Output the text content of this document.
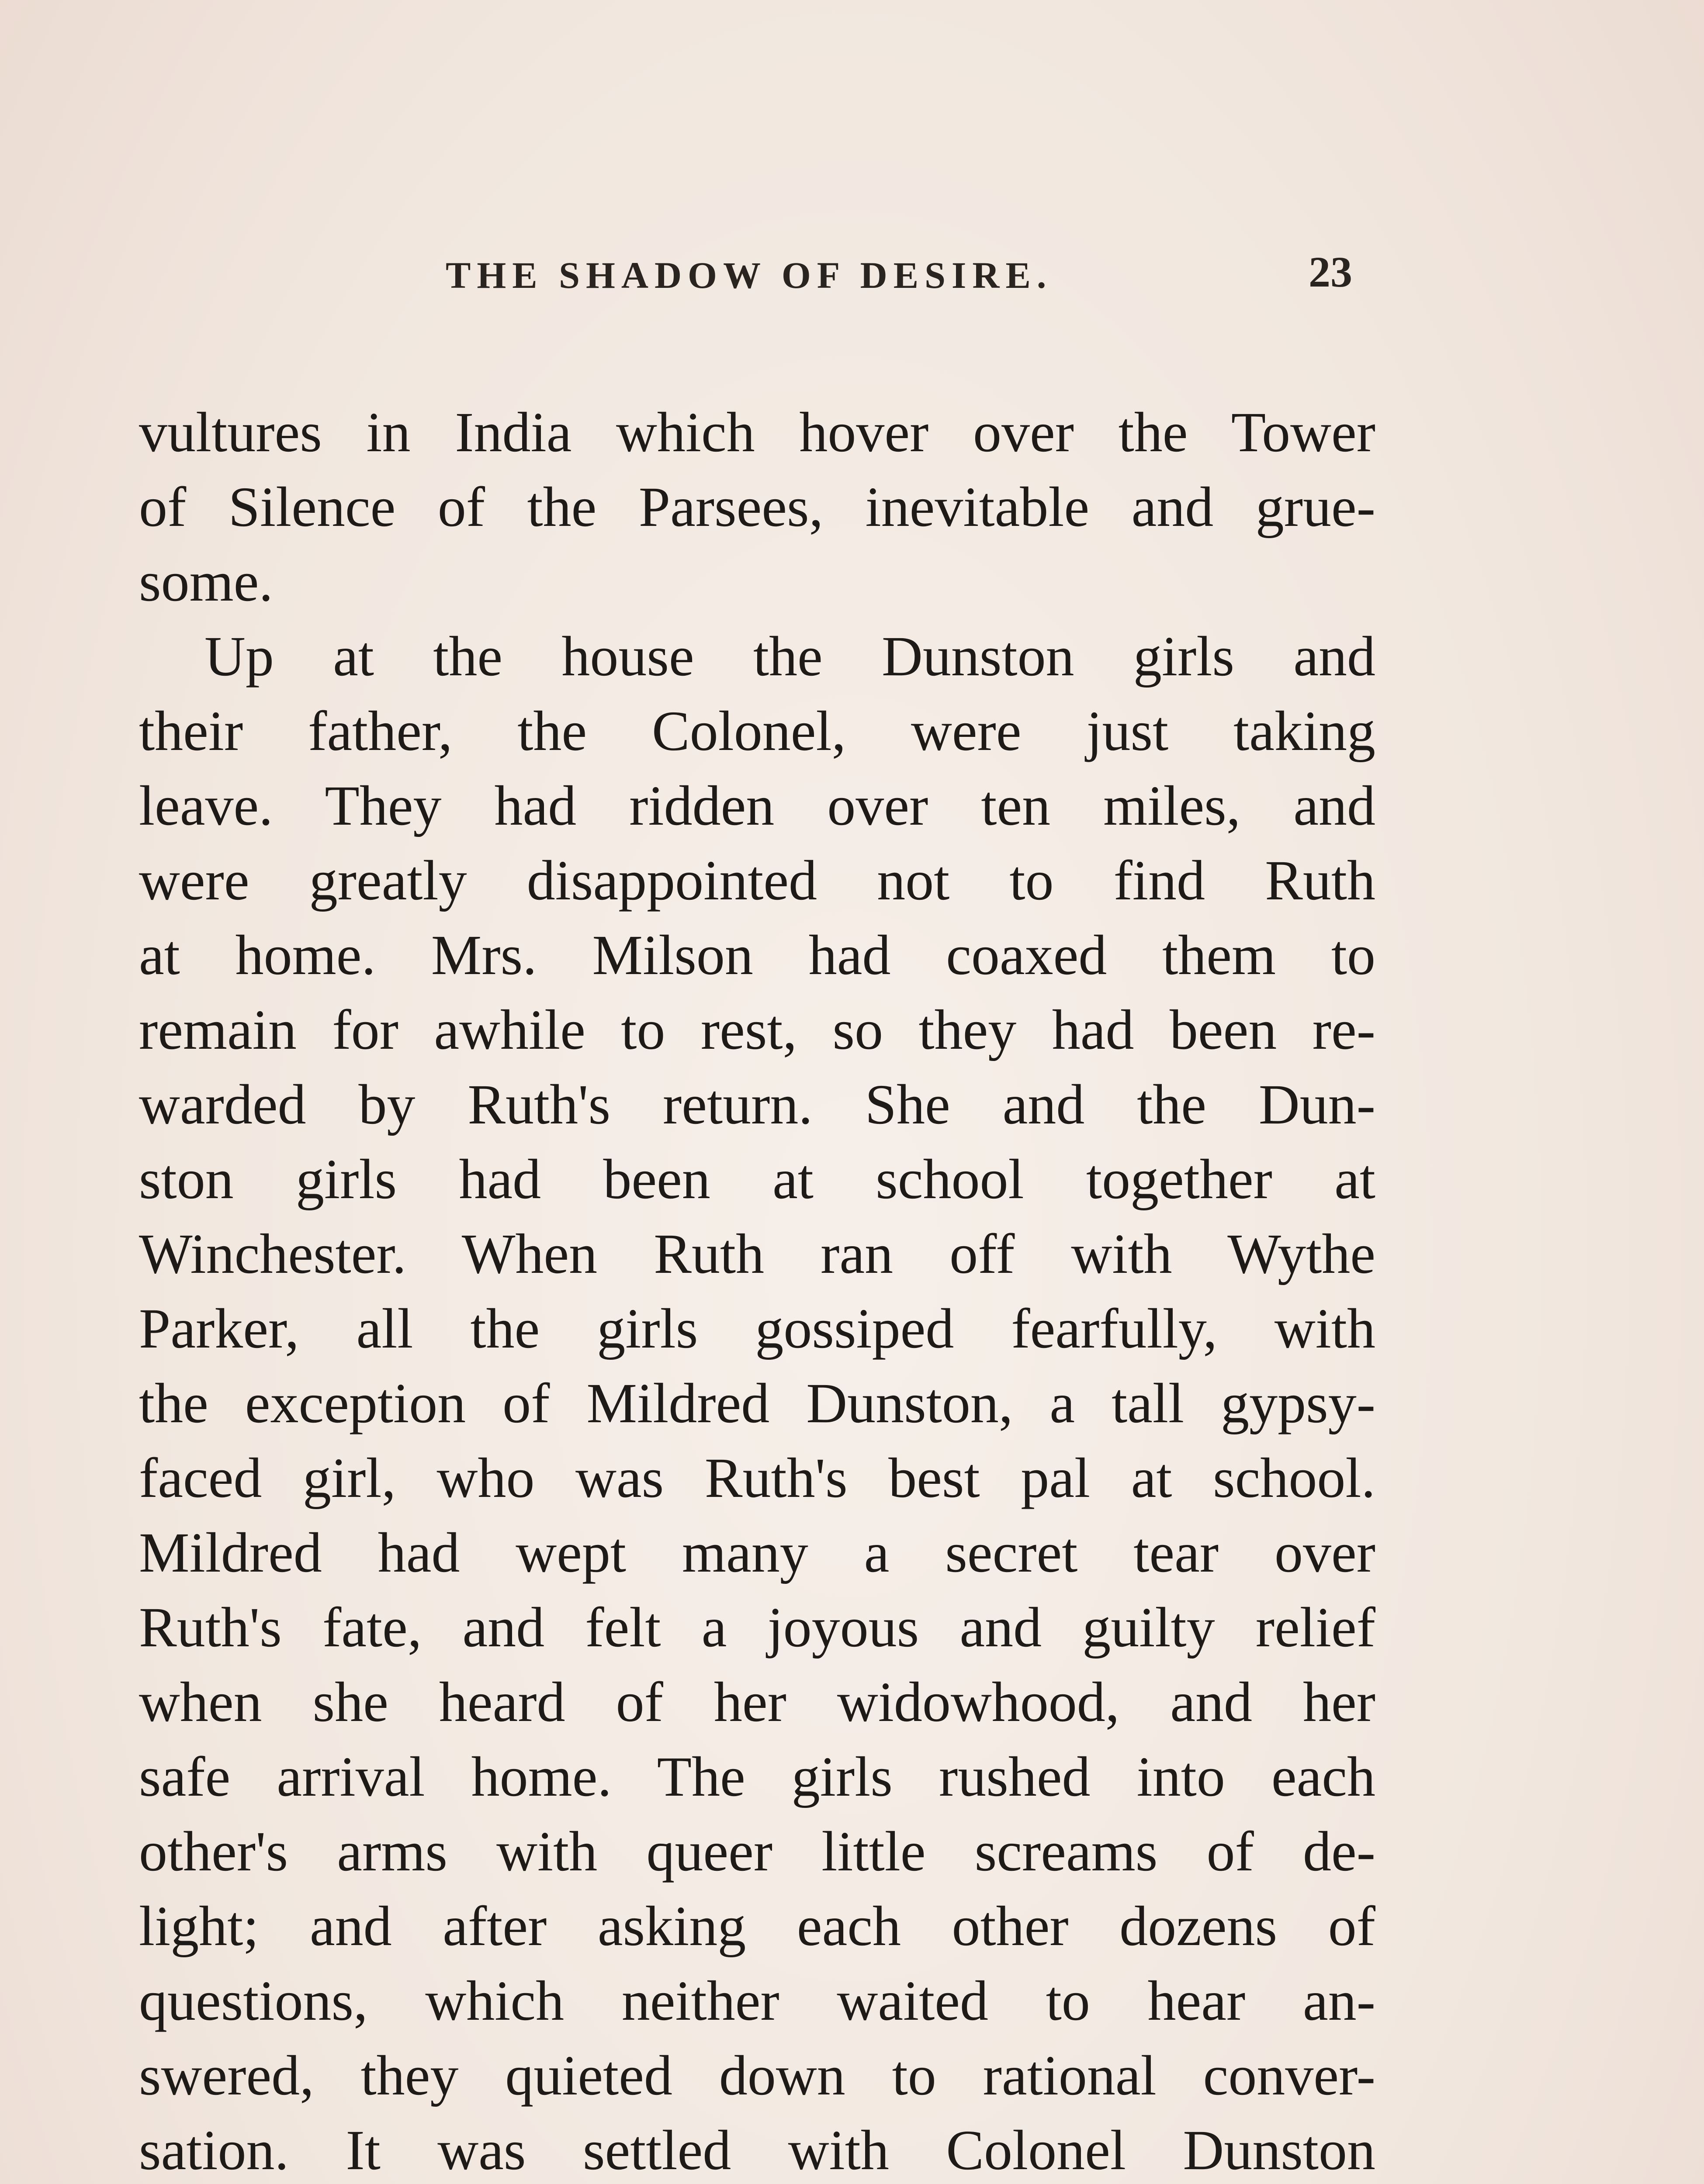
THE SHADOW OF DESIRE.	23
vultures in India which hover over the Tower
of Silence of the Parsees, inevitable and grue-
some.
Up at the house the Dunston girls and
their father, the Colonel, were just taking
leave. They had ridden over ten miles, and
were greatly disappointed not to find Ruth
at home. Mrs. Milson had coaxed them to
remain for awhile to rest, so they had been re-
warded by Ruth's return. She and the Dun-
ston girls had been at school together at
Winchester. When Ruth ran off with Wythe
Parker, all the girls gossiped fearfully, with
the exception of Mildred Dunston, a tall gypsy-
faced girl, who was Ruth's best pal at school.
Mildred had wept many a secret tear over
Ruth's fate, and felt a joyous and guilty relief
when she heard of her widowhood, and her
safe arrival home. The girls rushed into each
other's arms with queer little screams of de-
light; and after asking each other dozens of
questions, which neither waited to hear an-
swered, they quieted down to rational conver-
sation. It was settled with Colonel Dunston
